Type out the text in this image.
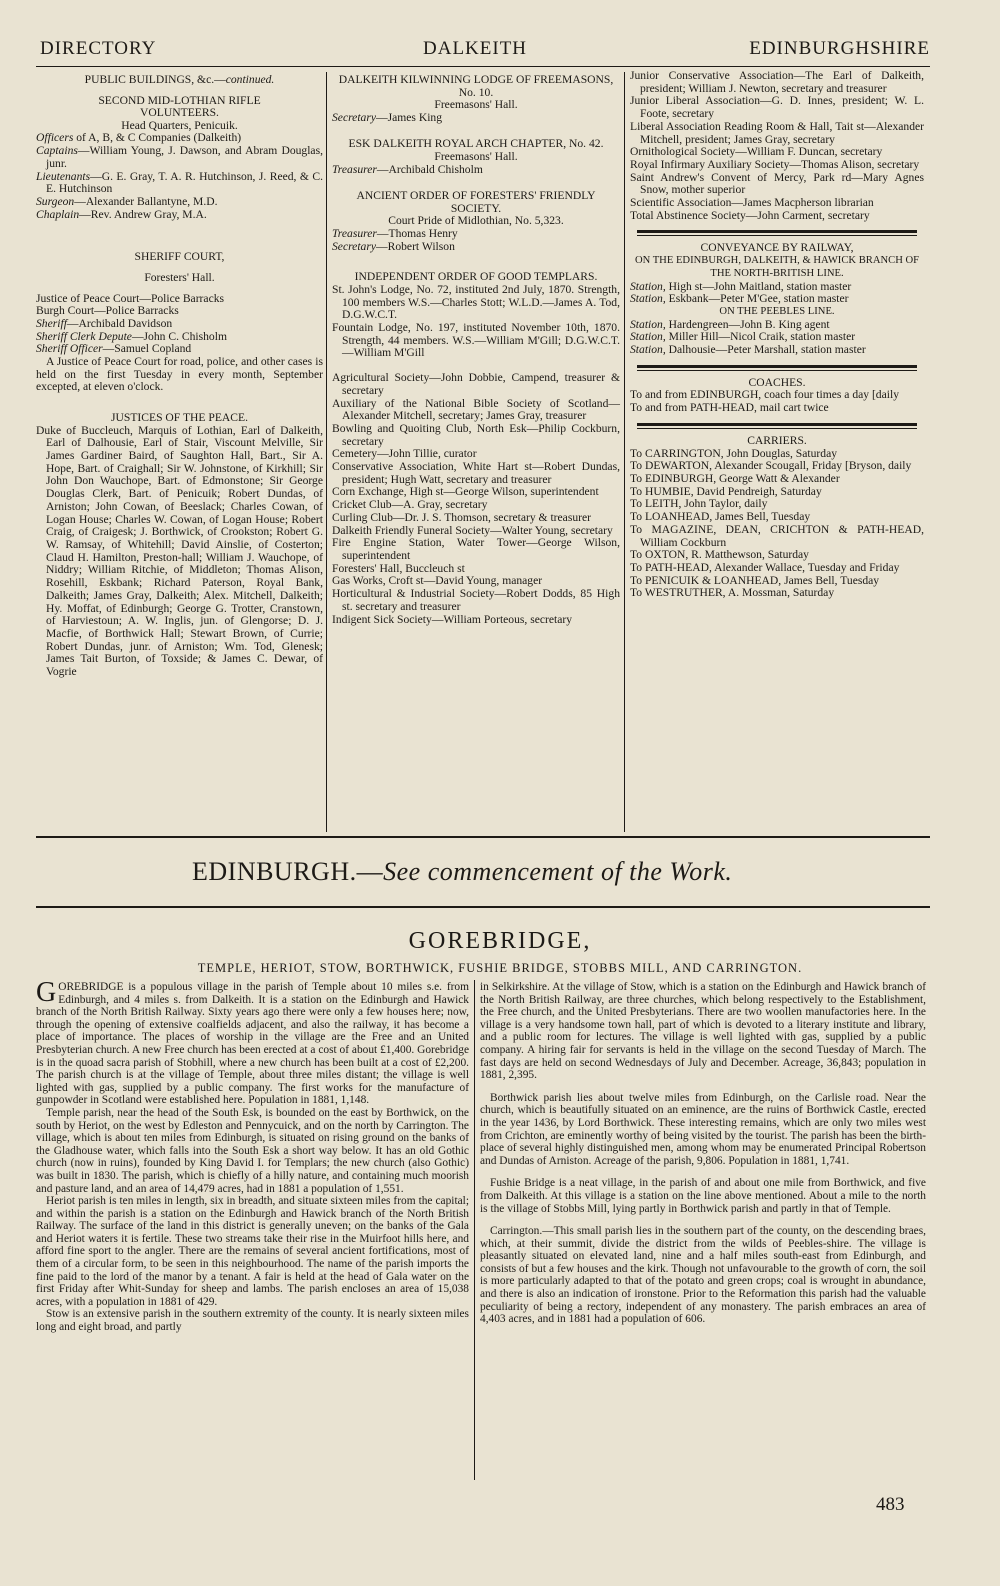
DIRECTORY	DALKEITH	EDINBURGHSHIRE
PUBLIC BUILDINGS, &c.—continued.
SECOND MID-LOTHIAN RIFLE VOLUNTEERS.
Head Quarters, Penicuik.
Officers of A, B, & C Companies (Dalkeith)
Captains—William Young, J. Dawson, and Abram Douglas, junr.
Lieutenants—G. E. Gray, T. A. R. Hutchinson, J. Reed, & C. E. Hutchinson
Surgeon—Alexander Ballantyne, M.D.
Chaplain—Rev. Andrew Gray, M.A.
SHERIFF COURT,
Foresters' Hall.
Justice of Peace Court—Police Barracks
Burgh Court—Police Barracks
Sheriff—Archibald Davidson
Sheriff Clerk Depute—John C. Chisholm
Sheriff Officer—Samuel Copland
A Justice of Peace Court for road, police, and other cases is held on the first Tuesday in every month, September excepted, at eleven o'clock.
JUSTICES OF THE PEACE.
Duke of Buccleuch, Marquis of Lothian, Earl of Dalkeith, Earl of Dalhousie, Earl of Stair, Viscount Melville, Sir James Gardiner Baird, of Saughton Hall, Bart., Sir A. Hope, Bart. of Craighall; Sir W. Johnstone, of Kirkhill; Sir John Don Wauchope, Bart. of Edmonstone; Sir George Douglas Clerk, Bart. of Penicuik; Robert Dundas, of Arniston; John Cowan, of Beeslack; Charles Cowan, of Logan House; Charles W. Cowan, of Logan House; Robert Craig, of Craigesk; J. Borthwick, of Crookston; Robert G. W. Ramsay, of Whitehill; David Ainslie, of Costerton; Claud H. Hamilton, Preston-hall; William J. Wauchope, of Niddry; William Ritchie, of Middleton; Thomas Alison, Rosehill, Eskbank; Richard Paterson, Royal Bank, Dalkeith; James Gray, Dalkeith; Alex. Mitchell, Dalkeith; Hy. Moffat, of Edinburgh; George G. Trotter, Cranstown, of Harviestoun; A. W. Inglis, jun. of Glengorse; D. J. Macfie, of Borthwick Hall; Stewart Brown, of Currie; Robert Dundas, junr. of Arniston; Wm. Tod, Glenesk; James Tait Burton, of Toxside; & James C. Dewar, of Vogrie
DALKEITH KILWINNING LODGE OF FREEMASONS, No. 10.
Freemasons' Hall.
Secretary—James King
ESK DALKEITH ROYAL ARCH CHAPTER, No. 42.
Freemasons' Hall.
Treasurer—Archibald Chisholm
ANCIENT ORDER OF FORESTERS' FRIENDLY SOCIETY.
Court Pride of Midlothian, No. 5,323.
Treasurer—Thomas Henry
Secretary—Robert Wilson
INDEPENDENT ORDER OF GOOD TEMPLARS.
St. John's Lodge, No. 72, instituted 2nd July, 1870. Strength, 100 members W.S.—Charles Stott; W.L.D.—James A. Tod, D.G.W.C.T.
Fountain Lodge, No. 197, instituted November 10th, 1870. Strength, 44 members. W.S.—William M'Gill; D.G.W.C.T.—William M'Gill
Agricultural Society—John Dobbie, Campend, treasurer & secretary
Auxiliary of the National Bible Society of Scotland—Alexander Mitchell, secretary; James Gray, treasurer
Bowling and Quoiting Club, North Esk—Philip Cockburn, secretary
Cemetery—John Tillie, curator
Conservative Association, White Hart st—Robert Dundas, president; Hugh Watt, secretary and treasurer
Corn Exchange, High st—George Wilson, superintendent
Cricket Club—A. Gray, secretary
Curling Club—Dr. J. S. Thomson, secretary & treasurer
Dalkeith Friendly Funeral Society—Walter Young, secretary
Fire Engine Station, Water Tower—George Wilson, superintendent
Foresters' Hall, Buccleuch st
Gas Works, Croft st—David Young, manager
Horticultural & Industrial Society—Robert Dodds, 85 High st. secretary and treasurer
Indigent Sick Society—William Porteous, secretary
Junior Conservative Association—The Earl of Dalkeith, president; William J. Newton, secretary and treasurer
Junior Liberal Association—G. D. Innes, president; W. L. Foote, secretary
Liberal Association Reading Room & Hall, Tait st—Alexander Mitchell, president; James Gray, secretary
Ornithological Society—William F. Duncan, secretary
Royal Infirmary Auxiliary Society—Thomas Alison, secretary
Saint Andrew's Convent of Mercy, Park rd—Mary Agnes Snow, mother superior
Scientific Association—James Macpherson librarian
Total Abstinence Society—John Carment, secretary
CONVEYANCE BY RAILWAY,
ON THE EDINBURGH, DALKEITH, & HAWICK BRANCH OF THE NORTH-BRITISH LINE.
Station, High st—John Maitland, station master
Station, Eskbank—Peter M'Gee, station master
ON THE PEEBLES LINE.
Station, Hardengreen—John B. King agent
Station, Miller Hill—Nicol Craik, station master
Station, Dalhousie—Peter Marshall, station master
COACHES.
To and from EDINBURGH, coach four times a day [daily
To and from PATH-HEAD, mail cart twice
CARRIERS.
To CARRINGTON, John Douglas, Saturday
To DEWARTON, Alexander Scougall, Friday [Bryson, daily
To EDINBURGH, George Watt & Alexander
To HUMBIE, David Pendreigh, Saturday
To LEITH, John Taylor, daily
To LOANHEAD, James Bell, Tuesday
To MAGAZINE, DEAN, CRICHTON & PATH-HEAD, William Cockburn
To OXTON, R. Matthewson, Saturday
To PATH-HEAD, Alexander Wallace, Tuesday and Friday
To PENICUIK & LOANHEAD, James Bell, Tuesday
To WESTRUTHER, A. Mossman, Saturday
EDINBURGH.—See commencement of the Work.
GOREBRIDGE,
TEMPLE, HERIOT, STOW, BORTHWICK, FUSHIE BRIDGE, STOBBS MILL, AND CARRINGTON.

GOREBRIDGE is a populous village in the parish of Temple about 10 miles s.e. from Edinburgh, and 4 miles s. from Dalkeith. It is a station on the Edinburgh and Hawick branch of the North British Railway. Sixty years ago there were only a few houses here; now, through the opening of extensive coalfields adjacent, and also the railway, it has become a place of importance. The places of worship in the village are the Free and an United Presbyterian church. A new Free church has been erected at a cost of about £1,400. Gorebridge is in the quoad sacra parish of Stobhill, where a new church has been built at a cost of £2,200. The parish church is at the village of Temple, about three miles distant; the village is well lighted with gas, supplied by a public company. The first works for the manufacture of gunpowder in Scotland were established here. Population in 1881, 1,148.

Temple parish, near the head of the South Esk, is bounded on the east by Borthwick, on the south by Heriot, on the west by Edleston and Pennycuick, and on the north by Carrington. The village, which is about ten miles from Edinburgh, is situated on rising ground on the banks of the Gladhouse water, which falls into the South Esk a short way below. It has an old Gothic church (now in ruins), founded by King David I. for Templars; the new church (also Gothic) was built in 1830. The parish, which is chiefly of a hilly nature, and containing much moorish and pasture land, and an area of 14,479 acres, had in 1881 a population of 1,551.

Heriot parish is ten miles in length, six in breadth, and situate sixteen miles from the capital; and within the parish is a station on the Edinburgh and Hawick branch of the North British Railway. The surface of the land in this district is generally uneven; on the banks of the Gala and Heriot waters it is fertile. These two streams take their rise in the Muirfoot hills here, and afford fine sport to the angler. There are the remains of several ancient fortifications, most of them of a circular form, to be seen in this neighbourhood. The name of the parish imports the fine paid to the lord of the manor by a tenant. A fair is held at the head of Gala water on the first Friday after Whit-Sunday for sheep and lambs. The parish encloses an area of 15,038 acres, with a population in 1881 of 429.

Stow is an extensive parish in the southern extremity of the county. It is nearly sixteen miles long and eight broad, and partly

in Selkirkshire. At the village of Stow, which is a station on the Edinburgh and Hawick branch of the North British Railway, are three churches, which belong respectively to the Establishment, the Free church, and the United Presbyterians. There are two woollen manufactories here. In the village is a very handsome town hall, part of which is devoted to a literary institute and library, and a public room for lectures. The village is well lighted with gas, supplied by a public company. A hiring fair for servants is held in the village on the second Tuesday of March. The fast days are held on second Wednesdays of July and December. Acreage, 36,843; population in 1881, 2,395.

Borthwick parish lies about twelve miles from Edinburgh, on the Carlisle road. Near the church, which is beautifully situated on an eminence, are the ruins of Borthwick Castle, erected in the year 1436, by Lord Borthwick. These interesting remains, which are only two miles west from Crichton, are eminently worthy of being visited by the tourist. The parish has been the birth-place of several highly distinguished men, among whom may be enumerated Principal Robertson and Dundas of Arniston. Acreage of the parish, 9,806. Population in 1881, 1,741.

Fushie Bridge is a neat village, in the parish of and about one mile from Borthwick, and five from Dalkeith. At this village is a station on the line above mentioned. About a mile to the north is the village of Stobbs Mill, lying partly in Borthwick parish and partly in that of Temple.

Carrington.—This small parish lies in the southern part of the county, on the descending braes, which, at their summit, divide the district from the wilds of Peebles-shire. The village is pleasantly situated on elevated land, nine and a half miles south-east from Edinburgh, and consists of but a few houses and the kirk. Though not unfavourable to the growth of corn, the soil is more particularly adapted to that of the potato and green crops; coal is wrought in abundance, and there is also an indication of ironstone. Prior to the Reformation this parish had the valuable peculiarity of being a rectory, independent of any monastery. The parish embraces an area of 4,403 acres, and in 1881 had a population of 606.

483
